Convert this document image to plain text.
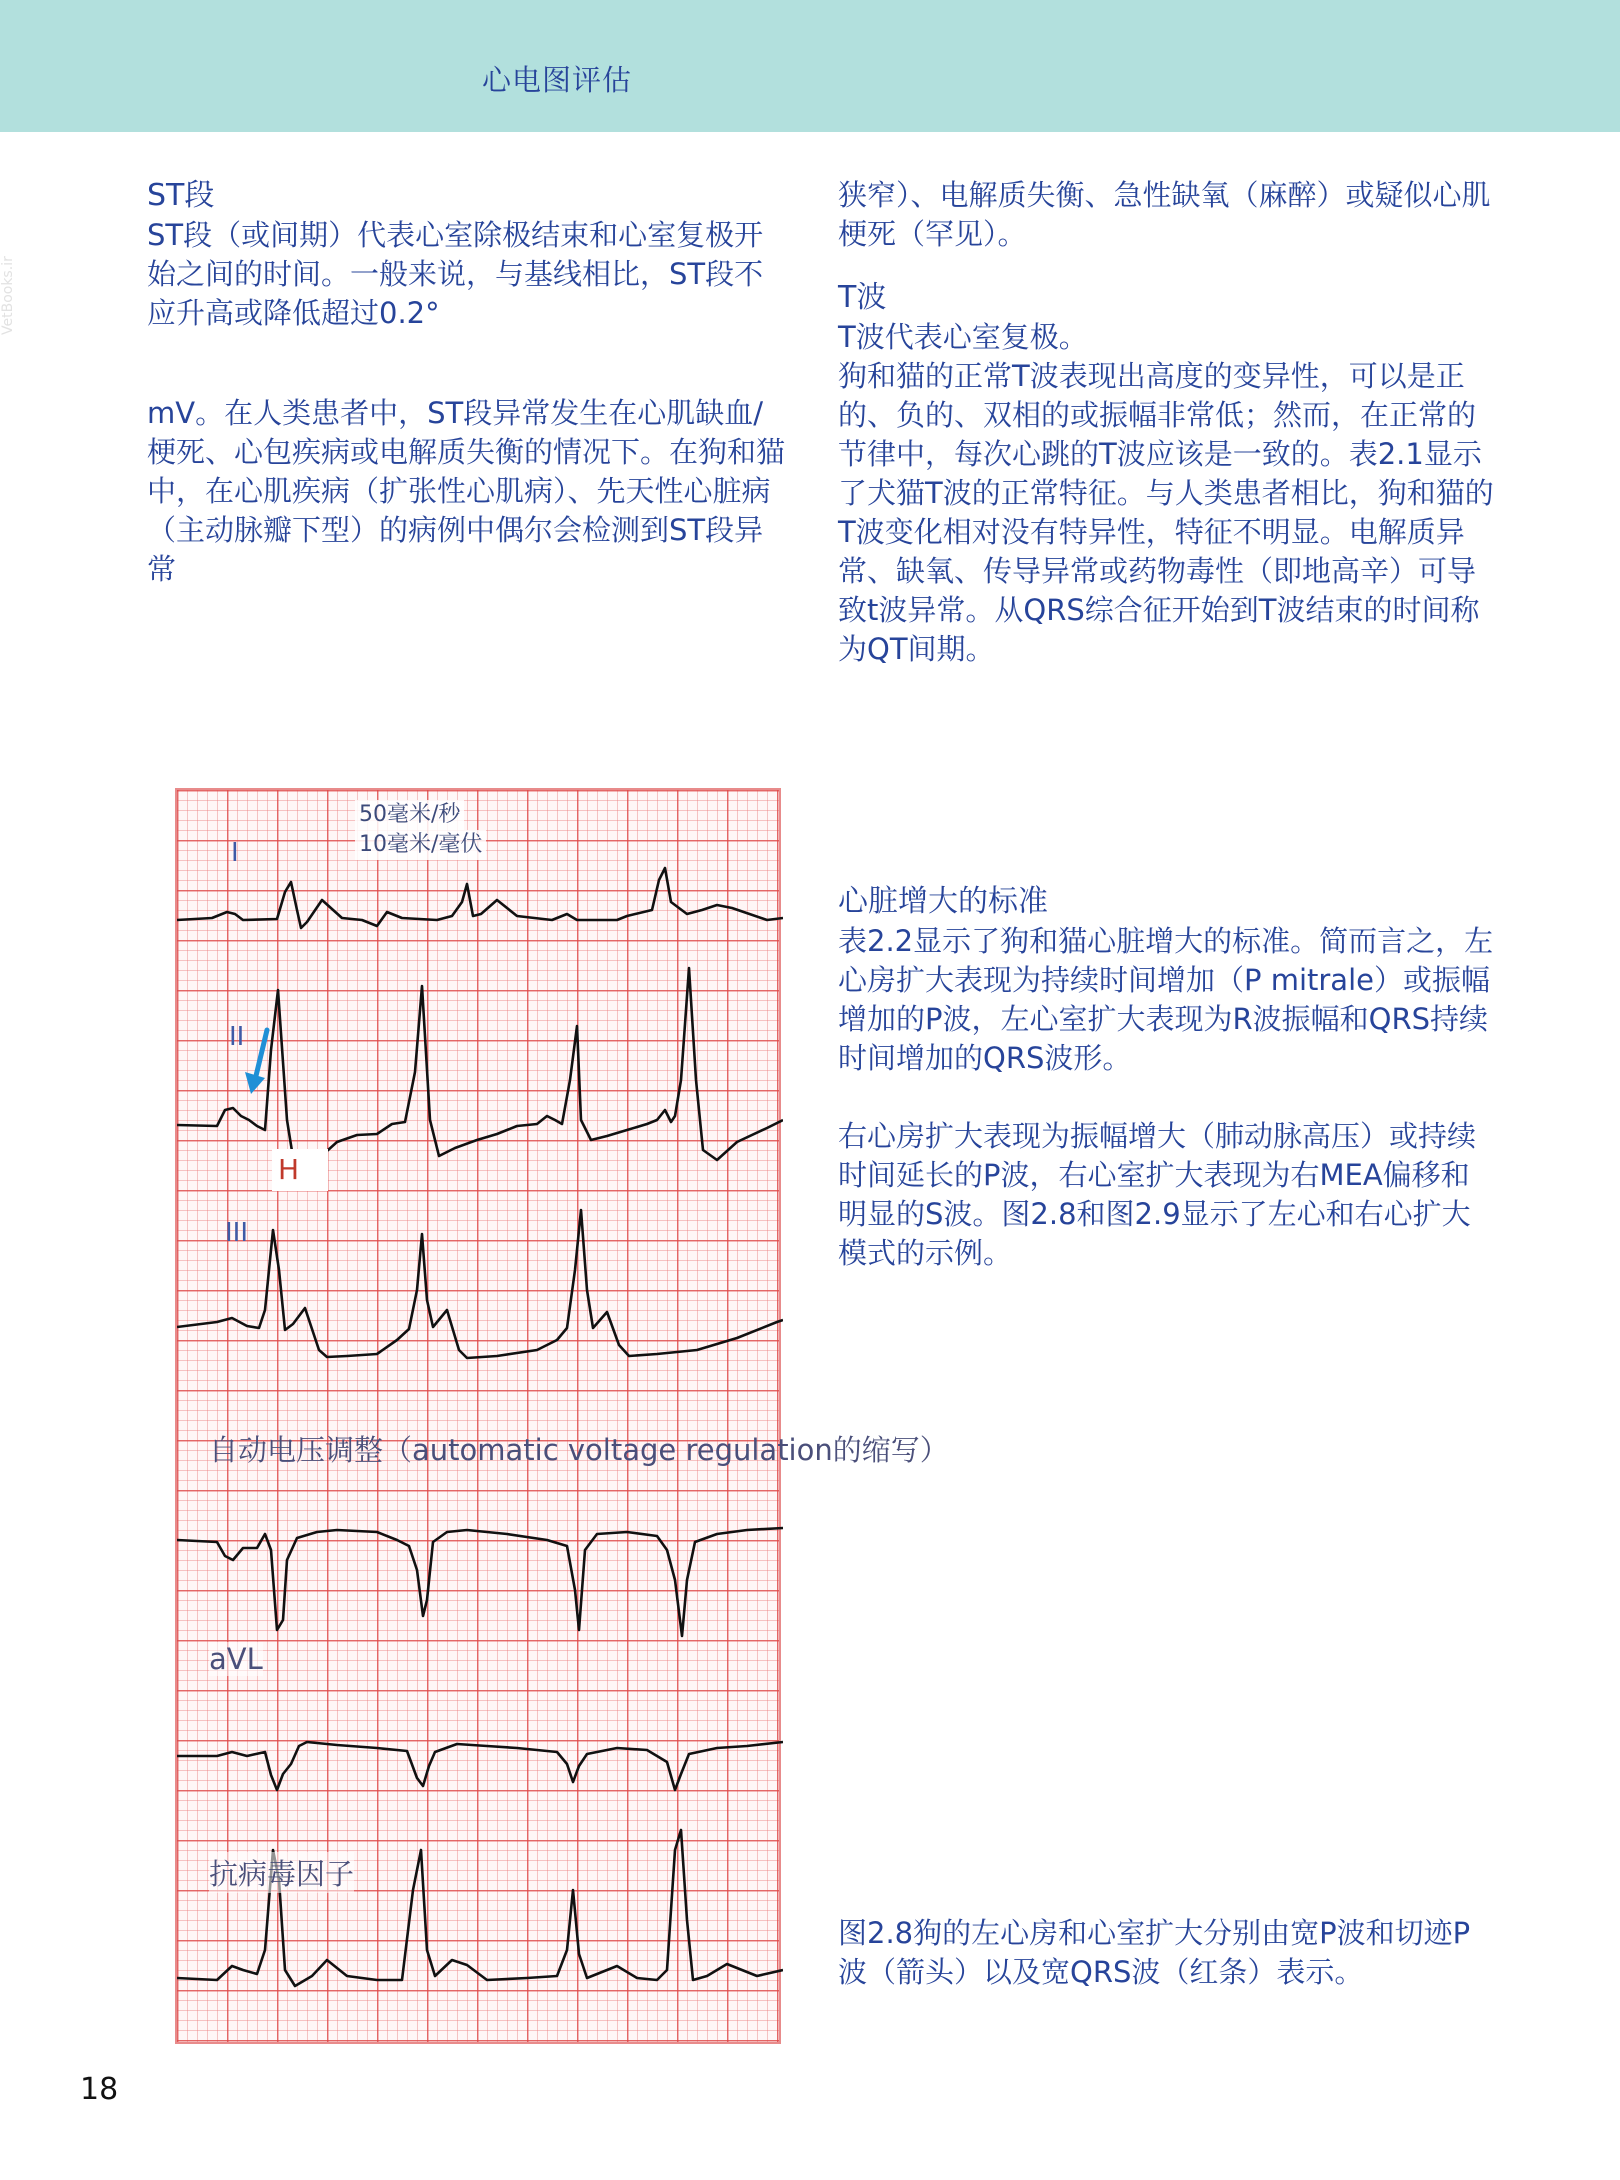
心电图评估
VetBooks.ir

ST段

ST段（或间期）代表心室除极结束和心室复极开始之间的时间。一般来说，与基线相比，ST段不应升高或降低超过0.2°

mV。在人类患者中，ST段异常发生在心肌缺血/梗死、心包疾病或电解质失衡的情况下。在狗和猫中，在心肌疾病（扩张性心肌病）、先天性心脏病（主动脉瓣下型）的病例中偶尔会检测到ST段异常

狭窄）、电解质失衡、急性缺氧（麻醉）或疑似心肌梗死（罕见）。

T波

T波代表心室复极。

狗和猫的正常T波表现出高度的变异性，可以是正的、负的、双相的或振幅非常低；然而，在正常的节律中，每次心跳的T波应该是一致的。表2.1显示了犬猫T波的正常特征。与人类患者相比，狗和猫的T波变化相对没有特异性，特征不明显。电解质异常、缺氧、传导异常或药物毒性（即地高辛）可导致t波异常。从QRS综合征开始到T波结束的时间称为QT间期。

心脏增大的标准

表2.2显示了狗和猫心脏增大的标准。简而言之，左心房扩大表现为持续时间增加（P mitrale）或振幅增加的P波，左心室扩大表现为R波振幅和QRS持续时间增加的QRS波形。

右心房扩大表现为振幅增大（肺动脉高压）或持续时间延长的P波，右心室扩大表现为右MEA偏移和明显的S波。图2.8和图2.9显示了左心和右心扩大模式的示例。

50毫米/秒
10毫米/毫伏
I
II
III
aVL
抗病毒因子
自动电压调整（automatic voltage regulation的缩写）
H
图2.8狗的左心房和心室扩大分别由宽P波和切迹P波（箭头）以及宽QRS波（红条）表示。
18
